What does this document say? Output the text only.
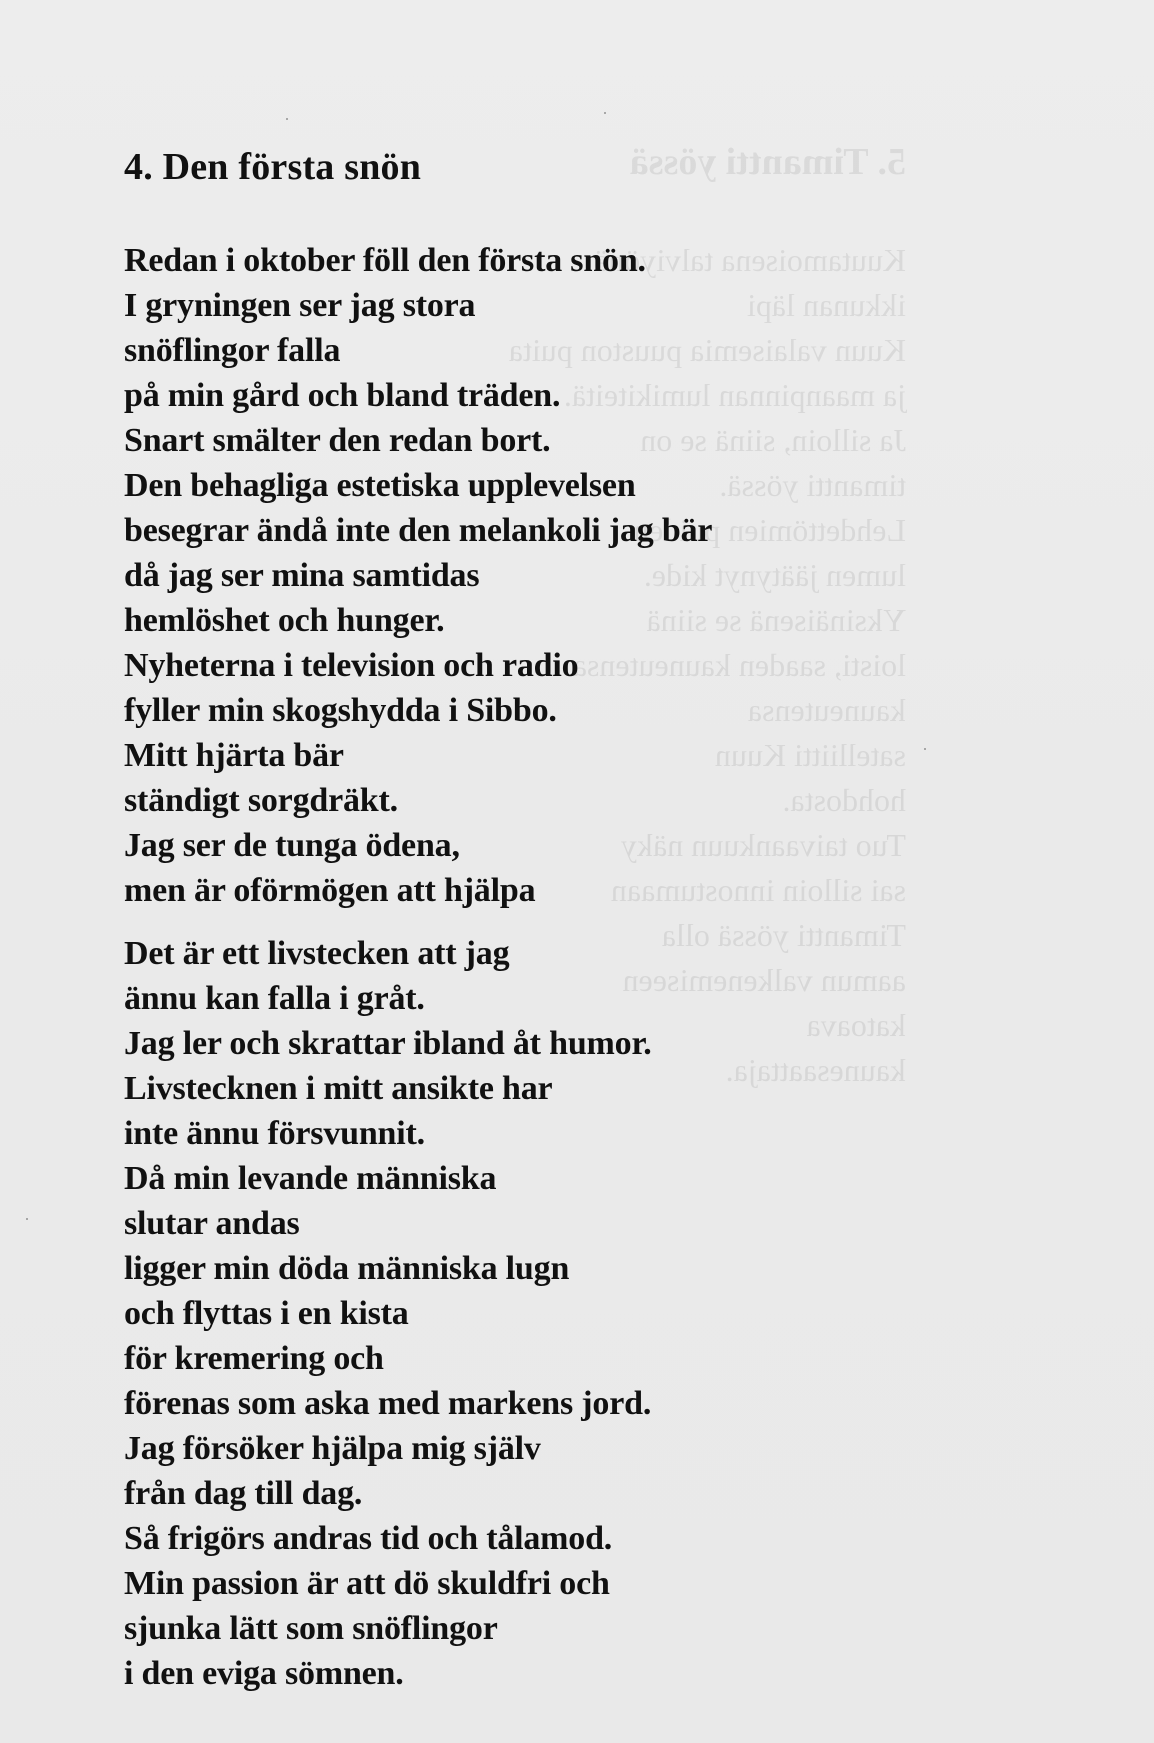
5. Timantti yössä
Kuutamoisena talviyönä
ikkunan läpi
Kuun valaisemia puuston puita
ja maanpinnan lumikiteitä.
Ja silloin, siinä se on
timantti yössä.
Lehdettömien puiden
lumen jäätynyt kide.
Yksinäisenä se siinä
loisti, saaden kauneutensa
kauneutensa
satelliitti Kuun
hohdosta.
Tuo taivaankuun näky
sai silloin innostumaan
Timantti yössä olla
aamun valkenemiseen
katoava
kaunesaattaja.
4. Den första snön
Redan i oktober föll den första snön.
I gryningen ser jag stora
snöflingor falla
på min gård och bland träden.
Snart smälter den redan bort.
Den behagliga estetiska upplevelsen
besegrar ändå inte den melankoli jag bär
då jag ser mina samtidas
hemlöshet och hunger.
Nyheterna i television och radio
fyller min skogshydda i Sibbo.
Mitt hjärta bär
ständigt sorgdräkt.
Jag ser de tunga ödena,
men är oförmögen att hjälpa
Det är ett livstecken att jag
ännu kan falla i gråt.
Jag ler och skrattar ibland åt humor.
Livstecknen i mitt ansikte har
inte ännu försvunnit.
Då min levande människa
slutar andas
ligger min döda människa lugn
och flyttas i en kista
för kremering och
förenas som aska med markens jord.
Jag försöker hjälpa mig själv
från dag till dag.
Så frigörs andras tid och tålamod.
Min passion är att dö skuldfri och
sjunka lätt som snöflingor
i den eviga sömnen.
